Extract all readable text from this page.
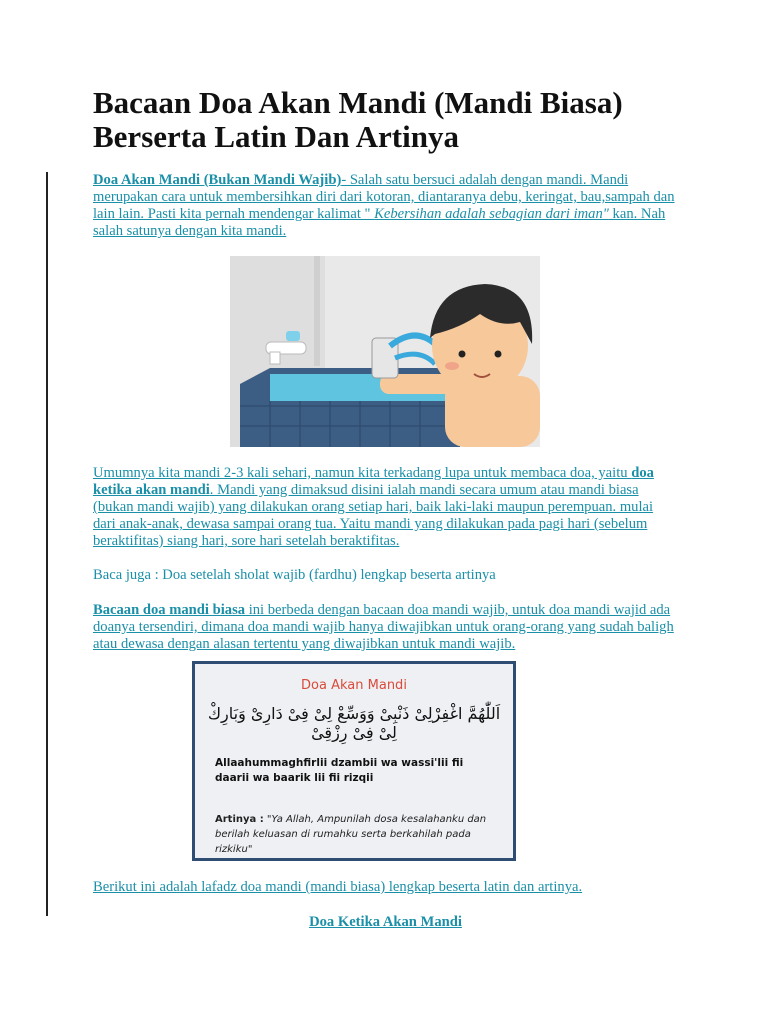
Bacaan Doa Akan Mandi (Mandi Biasa)
Berserta Latin Dan Artinya

Doa Akan Mandi (Bukan Mandi Wajib)- Salah satu bersuci adalah dengan mandi. Mandi merupakan cara untuk membersihkan diri dari kotoran, diantaranya debu, keringat, bau,sampah dan lain lain. Pasti kita pernah mendengar kalimat " Kebersihan adalah sebagian dari iman" kan. Nah salah satunya dengan kita mandi.

Umumnya kita mandi 2-3 kali sehari, namun kita terkadang lupa untuk membaca doa, yaitu doa ketika akan mandi. Mandi yang dimaksud disini ialah mandi secara umum atau mandi biasa (bukan mandi wajib) yang dilakukan orang setiap hari, baik laki-laki maupun perempuan. mulai dari anak-anak, dewasa sampai orang tua. Yaitu mandi yang dilakukan pada pagi hari (sebelum beraktifitas) siang hari, sore hari setelah beraktifitas.

Baca juga : Doa setelah sholat wajib (fardhu) lengkap beserta artinya

Bacaan doa mandi biasa ini berbeda dengan bacaan doa mandi wajib, untuk doa mandi wajid ada doanya tersendiri, dimana doa mandi wajib hanya diwajibkan untuk orang-orang yang sudah baligh atau dewasa dengan alasan tertentu yang diwajibkan untuk mandi wajib.

Doa Akan Mandi
اَللّٰهُمَّ اغْفِرْلِىْ ذَنْبِىْ وَوَسِّعْ لِىْ فِىْ دَارِىْ وَبَارِكْ لِىْ فِىْ رِزْقِىْ
Allaahummaghfirlii dzambii wa wassi'lii fii daarii wa baarik lii fii rizqii
Artinya : "Ya Allah, Ampunilah dosa kesalahanku dan berilah keluasan di rumahku serta berkahilah pada rizkiku"

Berikut ini adalah lafadz doa mandi (mandi biasa) lengkap beserta latin dan artinya.

Doa Ketika Akan Mandi
